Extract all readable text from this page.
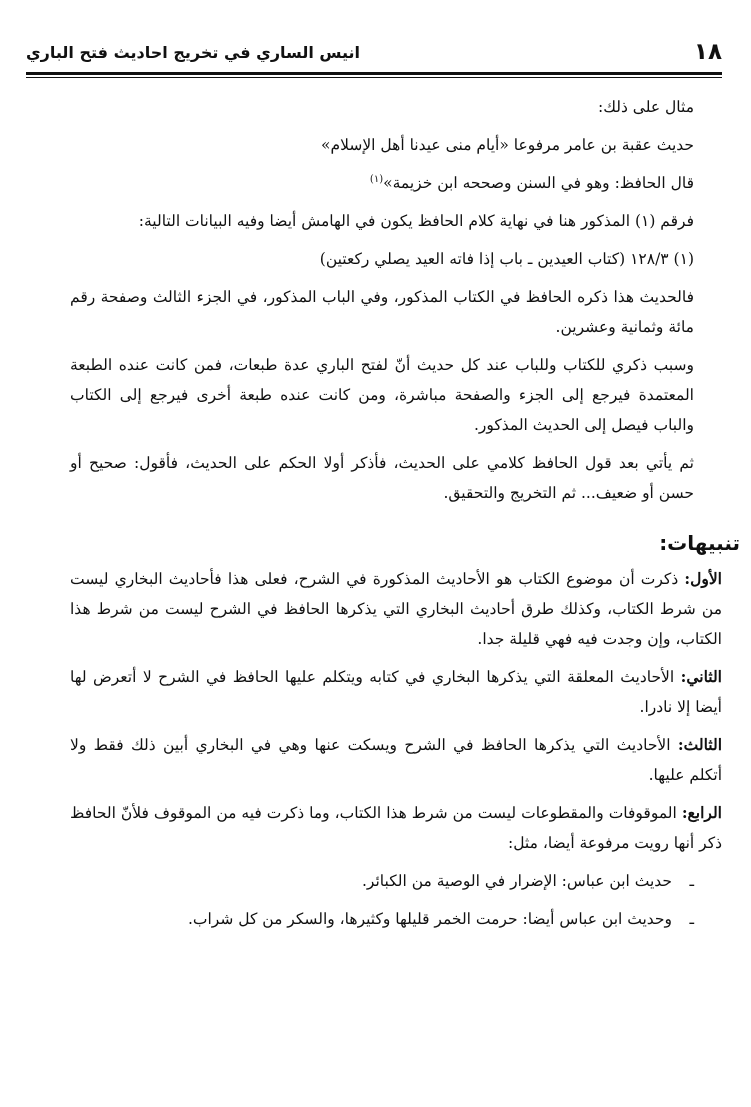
١٨
انيس الساري في تخريج احاديث فتح الباري

مثال على ذلك:

حديث عقبة بن عامر مرفوعا «أيام منى عيدنا أهل الإسلام»

قال الحافظ: وهو في السنن وصححه ابن خزيمة»$^{(١)}$

فرقم (١) المذكور هنا في نهاية كلام الحافظ يكون في الهامش أيضا وفيه البيانات التالية:

(١) ١٢٨/٣ (كتاب العيدين ـ باب إذا فاته العيد يصلي ركعتين)

فالحديث هذا ذكره الحافظ في الكتاب المذكور، وفي الباب المذكور، في الجزء الثالث وصفحة رقم مائة وثمانية وعشرين.

وسبب ذكري للكتاب وللباب عند كل حديث أنّ لفتح الباري عدة طبعات، فمن كانت عنده الطبعة المعتمدة فيرجع إلى الجزء والصفحة مباشرة، ومن كانت عنده طبعة أخرى فيرجع إلى الكتاب والباب فيصل إلى الحديث المذكور.

ثم يأتي بعد قول الحافظ كلامي على الحديث، فأذكر أولا الحكم على الحديث، فأقول: صحيح أو حسن أو ضعيف... ثم التخريج والتحقيق.

تنبيهات:

الأول: ذكرت أن موضوع الكتاب هو الأحاديث المذكورة في الشرح، فعلى هذا فأحاديث البخاري ليست من شرط الكتاب، وكذلك طرق أحاديث البخاري التي يذكرها الحافظ في الشرح ليست من شرط هذا الكتاب، وإن وجدت فيه فهي قليلة جدا.

الثاني: الأحاديث المعلقة التي يذكرها البخاري في كتابه ويتكلم عليها الحافظ في الشرح لا أتعرض لها أيضا إلا نادرا.

الثالث: الأحاديث التي يذكرها الحافظ في الشرح ويسكت عنها وهي في البخاري أبين ذلك فقط ولا أتكلم عليها.

الرابع: الموقوفات والمقطوعات ليست من شرط هذا الكتاب، وما ذكرت فيه من الموقوف فلأنّ الحافظ ذكر أنها رويت مرفوعة أيضا، مثل:

ـ
حديث ابن عباس: الإضرار في الوصية من الكبائر.

ـ
وحديث ابن عباس أيضا: حرمت الخمر قليلها وكثيرها، والسكر من كل شراب.
